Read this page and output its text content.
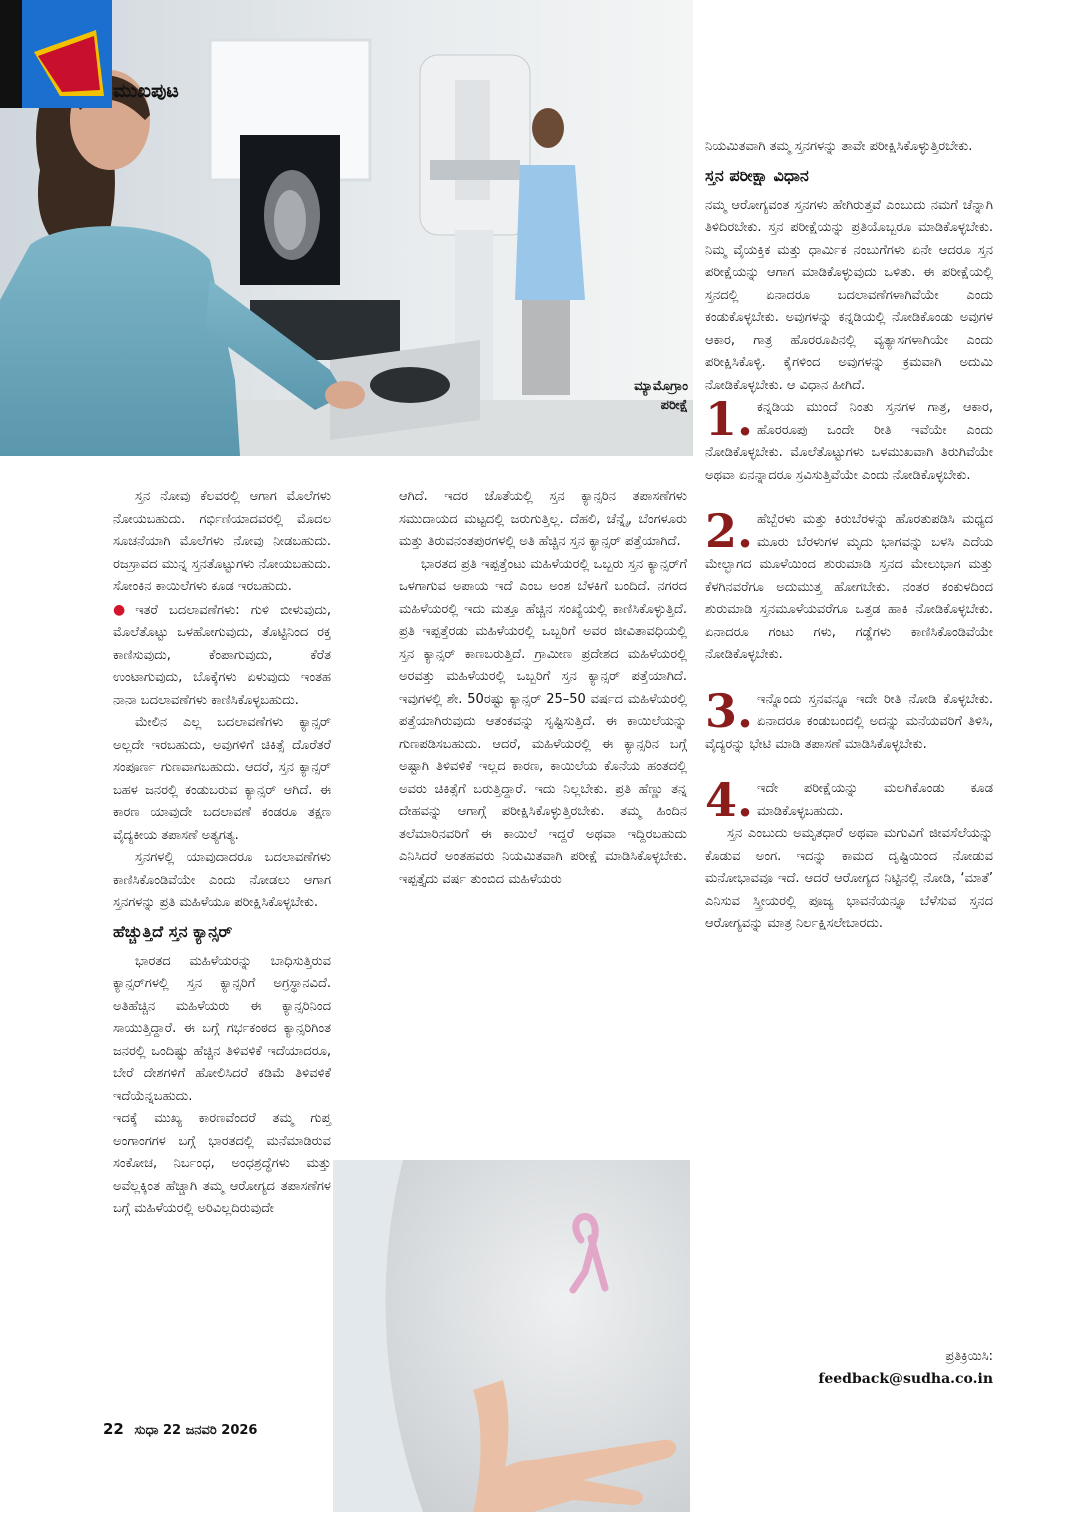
ಮುಖಪುಟ
ಮ್ಯಾಮೊಗ್ರಾಂ
ಪರೀಕ್ಷೆ

ಸ್ತನ ನೋವು ಕೆಲವರಲ್ಲಿ ಆಗಾಗ ಮೊಲೆಗಳು ನೋಯಬಹುದು. ಗರ್ಭಿಣಿಯಾದವರಲ್ಲಿ ಮೊದಲ ಸೂಚನೆಯಾಗಿ ಮೊಲೆಗಳು ನೋವು ನೀಡಬಹುದು. ರಜಸ್ರಾವದ ಮುನ್ನ ಸ್ತನತೊಟ್ಟುಗಳು ನೋಯಬಹುದು. ಸೋಂಕಿನ ಕಾಯಿಲೆಗಳು ಕೂಡ ಇರಬಹುದು.

● ಇತರೆ ಬದಲಾವಣೆಗಳು: ಗುಳಿ ಬೀಳುವುದು, ಮೊಲೆತೊಟ್ಟು ಒಳಹೋಗುವುದು, ತೊಟ್ಟಿನಿಂದ ರಕ್ತ ಕಾಣಿಸುವುದು, ಕೆಂಪಾಗುವುದು, ಕೆರೆತ ಉಂಟಾಗುವುದು, ಬೊಕ್ಕೆಗಳು ಏಳುವುದು ಇಂತಹ ನಾನಾ ಬದಲಾವಣೆಗಳು ಕಾಣಿಸಿಕೊಳ್ಳಬಹುದು.

ಮೇಲಿನ ಎಲ್ಲ ಬದಲಾವಣೆಗಳು ಕ್ಯಾನ್ಸರ್ ಅಲ್ಲದೇ ಇರಬಹುದು, ಅವುಗಳಿಗೆ ಚಿಕಿತ್ಸೆ ದೊರೆತರೆ ಸಂಪೂರ್ಣ ಗುಣವಾಗಬಹುದು. ಆದರೆ, ಸ್ತನ ಕ್ಯಾನ್ಸರ್ ಬಹಳ ಜನರಲ್ಲಿ ಕಂಡುಬರುವ ಕ್ಯಾನ್ಸರ್ ಆಗಿದೆ. ಈ ಕಾರಣ ಯಾವುದೇ ಬದಲಾವಣೆ ಕಂಡರೂ ತಕ್ಷಣ ವೈದ್ಯಕೀಯ ತಪಾಸಣೆ ಅತ್ಯಗತ್ಯ.

ಸ್ತನಗಳಲ್ಲಿ ಯಾವುದಾದರೂ ಬದಲಾವಣೆಗಳು ಕಾಣಿಸಿಕೊಂಡಿವೆಯೇ ಎಂದು ನೋಡಲು ಆಗಾಗ ಸ್ತನಗಳನ್ನು ಪ್ರತಿ ಮಹಿಳೆಯೂ ಪರೀಕ್ಷಿಸಿಕೊಳ್ಳಬೇಕು.

ಹೆಚ್ಚುತ್ತಿದೆ ಸ್ತನ ಕ್ಯಾನ್ಸರ್

ಭಾರತದ ಮಹಿಳೆಯರನ್ನು ಬಾಧಿಸುತ್ತಿರುವ ಕ್ಯಾನ್ಸರ್‌ಗಳಲ್ಲಿ ಸ್ತನ ಕ್ಯಾನ್ಸರಿಗೆ ಅಗ್ರಸ್ಥಾನವಿದೆ. ಅತಿಹೆಚ್ಚಿನ ಮಹಿಳೆಯರು ಈ ಕ್ಯಾನ್ಸರಿನಿಂದ ಸಾಯುತ್ತಿದ್ದಾರೆ. ಈ ಬಗ್ಗೆ ಗರ್ಭಕಂಠದ ಕ್ಯಾನ್ಸರಿಗಿಂತ ಜನರಲ್ಲಿ ಒಂದಿಷ್ಟು ಹೆಚ್ಚಿನ ತಿಳಿವಳಿಕೆ ಇದೆಯಾದರೂ, ಬೇರೆ ದೇಶಗಳಿಗೆ ಹೋಲಿಸಿದರೆ ಕಡಿಮೆ ತಿಳಿವಳಿಕೆ ಇದೆಯೆನ್ನಬಹುದು.

ಇದಕ್ಕೆ ಮುಖ್ಯ ಕಾರಣವೆಂದರೆ ತಮ್ಮ ಗುಪ್ತ ಅಂಗಾಂಗಗಳ ಬಗ್ಗೆ ಭಾರತದಲ್ಲಿ ಮನೆಮಾಡಿರುವ ಸಂಕೋಚ, ನಿರ್ಬಂಧ, ಅಂಧಶ್ರದ್ಧೆಗಳು ಮತ್ತು ಅವೆಲ್ಲಕ್ಕಿಂತ ಹೆಚ್ಚಾಗಿ ತಮ್ಮ ಆರೋಗ್ಯದ ತಪಾಸಣೆಗಳ ಬಗ್ಗೆ ಮಹಿಳೆಯರಲ್ಲಿ ಅರಿವಿಲ್ಲದಿರುವುದೇ

ಆಗಿದೆ. ಇದರ ಜೊತೆಯಲ್ಲಿ ಸ್ತನ ಕ್ಯಾನ್ಸರಿನ ತಪಾಸಣೆಗಳು ಸಮುದಾಯದ ಮಟ್ಟದಲ್ಲಿ ಜರುಗುತ್ತಿಲ್ಲ. ದೆಹಲಿ, ಚೆನ್ನೈ, ಬೆಂಗಳೂರು ಮತ್ತು ತಿರುವನಂತಪುರಗಳಲ್ಲಿ ಅತಿ ಹೆಚ್ಚಿನ ಸ್ತನ ಕ್ಯಾನ್ಸರ್ ಪತ್ತೆಯಾಗಿದೆ.

ಭಾರತದ ಪ್ರತಿ ಇಪ್ಪತ್ತೆಂಟು ಮಹಿಳೆಯರಲ್ಲಿ ಒಬ್ಬರು ಸ್ತನ ಕ್ಯಾನ್ಸರ್‌ಗೆ ಒಳಗಾಗುವ ಅಪಾಯ ಇದೆ ಎಂಬ ಅಂಶ ಬೆಳಕಿಗೆ ಬಂದಿದೆ. ನಗರದ ಮಹಿಳೆಯರಲ್ಲಿ ಇದು ಮತ್ತೂ ಹೆಚ್ಚಿನ ಸಂಖ್ಯೆಯಲ್ಲಿ ಕಾಣಿಸಿಕೊಳ್ಳುತ್ತಿದೆ. ಪ್ರತಿ ಇಪ್ಪತ್ತೆರಡು ಮಹಿಳೆಯರಲ್ಲಿ ಒಬ್ಬರಿಗೆ ಅವರ ಜೀವಿತಾವಧಿಯಲ್ಲಿ ಸ್ತನ ಕ್ಯಾನ್ಸರ್ ಕಾಣಬರುತ್ತಿದೆ. ಗ್ರಾಮೀಣ ಪ್ರದೇಶದ ಮಹಿಳೆಯರಲ್ಲಿ ಅರವತ್ತು ಮಹಿಳೆಯರಲ್ಲಿ ಒಬ್ಬರಿಗೆ ಸ್ತನ ಕ್ಯಾನ್ಸರ್ ಪತ್ತೆಯಾಗಿದೆ. ಇವುಗಳಲ್ಲಿ ಶೇ. 50ರಷ್ಟು ಕ್ಯಾನ್ಸರ್ 25–50 ವರ್ಷದ ಮಹಿಳೆಯರಲ್ಲಿ ಪತ್ತೆಯಾಗಿರುವುದು ಆತಂಕವನ್ನು ಸೃಷ್ಟಿಸುತ್ತಿದೆ. ಈ ಕಾಯಿಲೆಯನ್ನು ಗುಣಪಡಿಸಬಹುದು. ಆದರೆ, ಮಹಿಳೆಯರಲ್ಲಿ ಈ ಕ್ಯಾನ್ಸರಿನ ಬಗ್ಗೆ ಅಷ್ಟಾಗಿ ತಿಳಿವಳಿಕೆ ಇಲ್ಲದ ಕಾರಣ, ಕಾಯಿಲೆಯ ಕೊನೆಯ ಹಂತದಲ್ಲಿ ಅವರು ಚಿಕಿತ್ಸೆಗೆ ಬರುತ್ತಿದ್ದಾರೆ. ಇದು ನಿಲ್ಲಬೇಕು. ಪ್ರತಿ ಹೆಣ್ಣು ತನ್ನ ದೇಹವನ್ನು ಆಗಾಗ್ಗೆ ಪರೀಕ್ಷಿಸಿಕೊಳ್ಳುತ್ತಿರಬೇಕು. ತಮ್ಮ ಹಿಂದಿನ ತಲೆಮಾರಿನವರಿಗೆ ಈ ಕಾಯಿಲೆ ಇದ್ದರೆ ಅಥವಾ ಇದ್ದಿರಬಹುದು ಎನಿಸಿದರೆ ಅಂತಹವರು ನಿಯಮಿತವಾಗಿ ಪರೀಕ್ಷೆ ಮಾಡಿಸಿಕೊಳ್ಳಬೇಕು. ಇಪ್ಪತ್ತೈದು ವರ್ಷ ತುಂಬಿದ ಮಹಿಳೆಯರು

ನಿಯಮಿತವಾಗಿ ತಮ್ಮ ಸ್ತನಗಳನ್ನು ತಾವೇ ಪರೀಕ್ಷಿಸಿಕೊಳ್ಳುತ್ತಿರಬೇಕು.

ಸ್ತನ ಪರೀಕ್ಷಾ ವಿಧಾನ

ನಮ್ಮ ಆರೋಗ್ಯವಂತ ಸ್ತನಗಳು ಹೇಗಿರುತ್ತವೆ ಎಂಬುದು ನಮಗೆ ಚೆನ್ನಾಗಿ ತಿಳಿದಿರಬೇಕು. ಸ್ತನ ಪರೀಕ್ಷೆಯನ್ನು ಪ್ರತಿಯೊಬ್ಬರೂ ಮಾಡಿಕೊಳ್ಳಬೇಕು. ನಿಮ್ಮ ವೈಯಕ್ತಿಕ ಮತ್ತು ಧಾರ್ಮಿಕ ನಂಬುಗೆಗಳು ಏನೇ ಆದರೂ ಸ್ತನ ಪರೀಕ್ಷೆಯನ್ನು ಆಗಾಗ ಮಾಡಿಕೊಳ್ಳುವುದು ಒಳಿತು. ಈ ಪರೀಕ್ಷೆಯಲ್ಲಿ ಸ್ತನದಲ್ಲಿ ಏನಾದರೂ ಬದಲಾವಣೆಗಳಾಗಿವೆಯೇ ಎಂದು ಕಂಡುಕೊಳ್ಳಬೇಕು. ಅವುಗಳನ್ನು ಕನ್ನಡಿಯಲ್ಲಿ ನೋಡಿಕೊಂಡು ಅವುಗಳ ಆಕಾರ, ಗಾತ್ರ ಹೊರರೂಪಿನಲ್ಲಿ ವ್ಯತ್ಯಾಸಗಳಾಗಿಯೇ ಎಂದು ಪರೀಕ್ಷಿಸಿಕೊಳ್ಳಿ. ಕೈಗಳಿಂದ ಅವುಗಳನ್ನು ಕ್ರಮವಾಗಿ ಅದುಮಿ ನೋಡಿಕೊಳ್ಳಬೇಕು. ಆ ವಿಧಾನ ಹೀಗಿದೆ.

1. ಕನ್ನಡಿಯ ಮುಂದೆ ನಿಂತು ಸ್ತನಗಳ ಗಾತ್ರ, ಆಕಾರ, ಹೊರರೂಪು ಒಂದೇ ರೀತಿ ಇವೆಯೇ ಎಂದು ನೋಡಿಕೊಳ್ಳಬೇಕು. ಮೊಲೆತೊಟ್ಟುಗಳು ಒಳಮುಖವಾಗಿ ತಿರುಗಿವೆಯೇ ಅಥವಾ ಏನನ್ನಾದರೂ ಸ್ರವಿಸುತ್ತಿವೆಯೇ ಎಂದು ನೋಡಿಕೊಳ್ಳಬೇಕು.

2. ಹೆಬ್ಬೆರಳು ಮತ್ತು ಕಿರುಬೆರಳನ್ನು ಹೊರತುಪಡಿಸಿ ಮಧ್ಯದ ಮೂರು ಬೆರಳುಗಳ ಮೃದು ಭಾಗವನ್ನು ಬಳಸಿ ಎದೆಯ ಮೇಲ್ಭಾಗದ ಮೂಳೆಯಿಂದ ಶುರುಮಾಡಿ ಸ್ತನದ ಮೇಲುಭಾಗ ಮತ್ತು ಕೆಳಗಿನವರೆಗೂ ಅದುಮುತ್ತ ಹೋಗಬೇಕು. ನಂತರ ಕಂಕುಳದಿಂದ ಶುರುಮಾಡಿ ಸ್ತನಮೂಳೆಯವರೆಗೂ ಒತ್ತಡ ಹಾಕಿ ನೋಡಿಕೊಳ್ಳಬೇಕು. ಏನಾದರೂ ಗಂಟು ಗಳು, ಗಡ್ಡೆಗಳು ಕಾಣಿಸಿಕೊಂಡಿವೆಯೇ ನೋಡಿಕೊಳ್ಳಬೇಕು.

3. ಇನ್ನೊಂದು ಸ್ತನವನ್ನೂ ಇದೇ ರೀತಿ ನೋಡಿ ಕೊಳ್ಳಬೇಕು. ಏನಾದರೂ ಕಂಡುಬಂದಲ್ಲಿ ಅದನ್ನು ಮನೆಯವರಿಗೆ ತಿಳಿಸಿ, ವೈದ್ಯರನ್ನು ಭೇಟಿ ಮಾಡಿ ತಪಾಸಣೆ ಮಾಡಿಸಿಕೊಳ್ಳಬೇಕು.

4. ಇದೇ ಪರೀಕ್ಷೆಯನ್ನು ಮಲಗಿಕೊಂಡು ಕೂಡ ಮಾಡಿಕೊಳ್ಳಬಹುದು.

ಸ್ತನ ಎಂಬುದು ಅಮೃತಧಾರೆ ಅಥವಾ ಮಗುವಿಗೆ ಜೀವಸೆಲೆಯನ್ನು ಕೊಡುವ ಅಂಗ. ಇದನ್ನು ಕಾಮದ ದೃಷ್ಟಿಯಿಂದ ನೋಡುವ ಮನೋಭಾವವೂ ಇದೆ. ಆದರೆ ಆರೋಗ್ಯದ ನಿಟ್ಟಿನಲ್ಲಿ ನೋಡಿ, ‘ಮಾತೆ’ ಎನಿಸುವ ಸ್ತ್ರೀಯರಲ್ಲಿ ಪೂಜ್ಯ ಭಾವನೆಯನ್ನೂ ಬೆಳೆಸುವ ಸ್ತನದ ಆರೋಗ್ಯವನ್ನು ಮಾತ್ರ ನಿರ್ಲಕ್ಷಿಸಲೇಬಾರದು.

ಪ್ರತಿಕ್ರಿಯಿಸಿ:
feedback@sudha.co.in
22 ಸುಧಾ 22 ಜನವರಿ 2026
